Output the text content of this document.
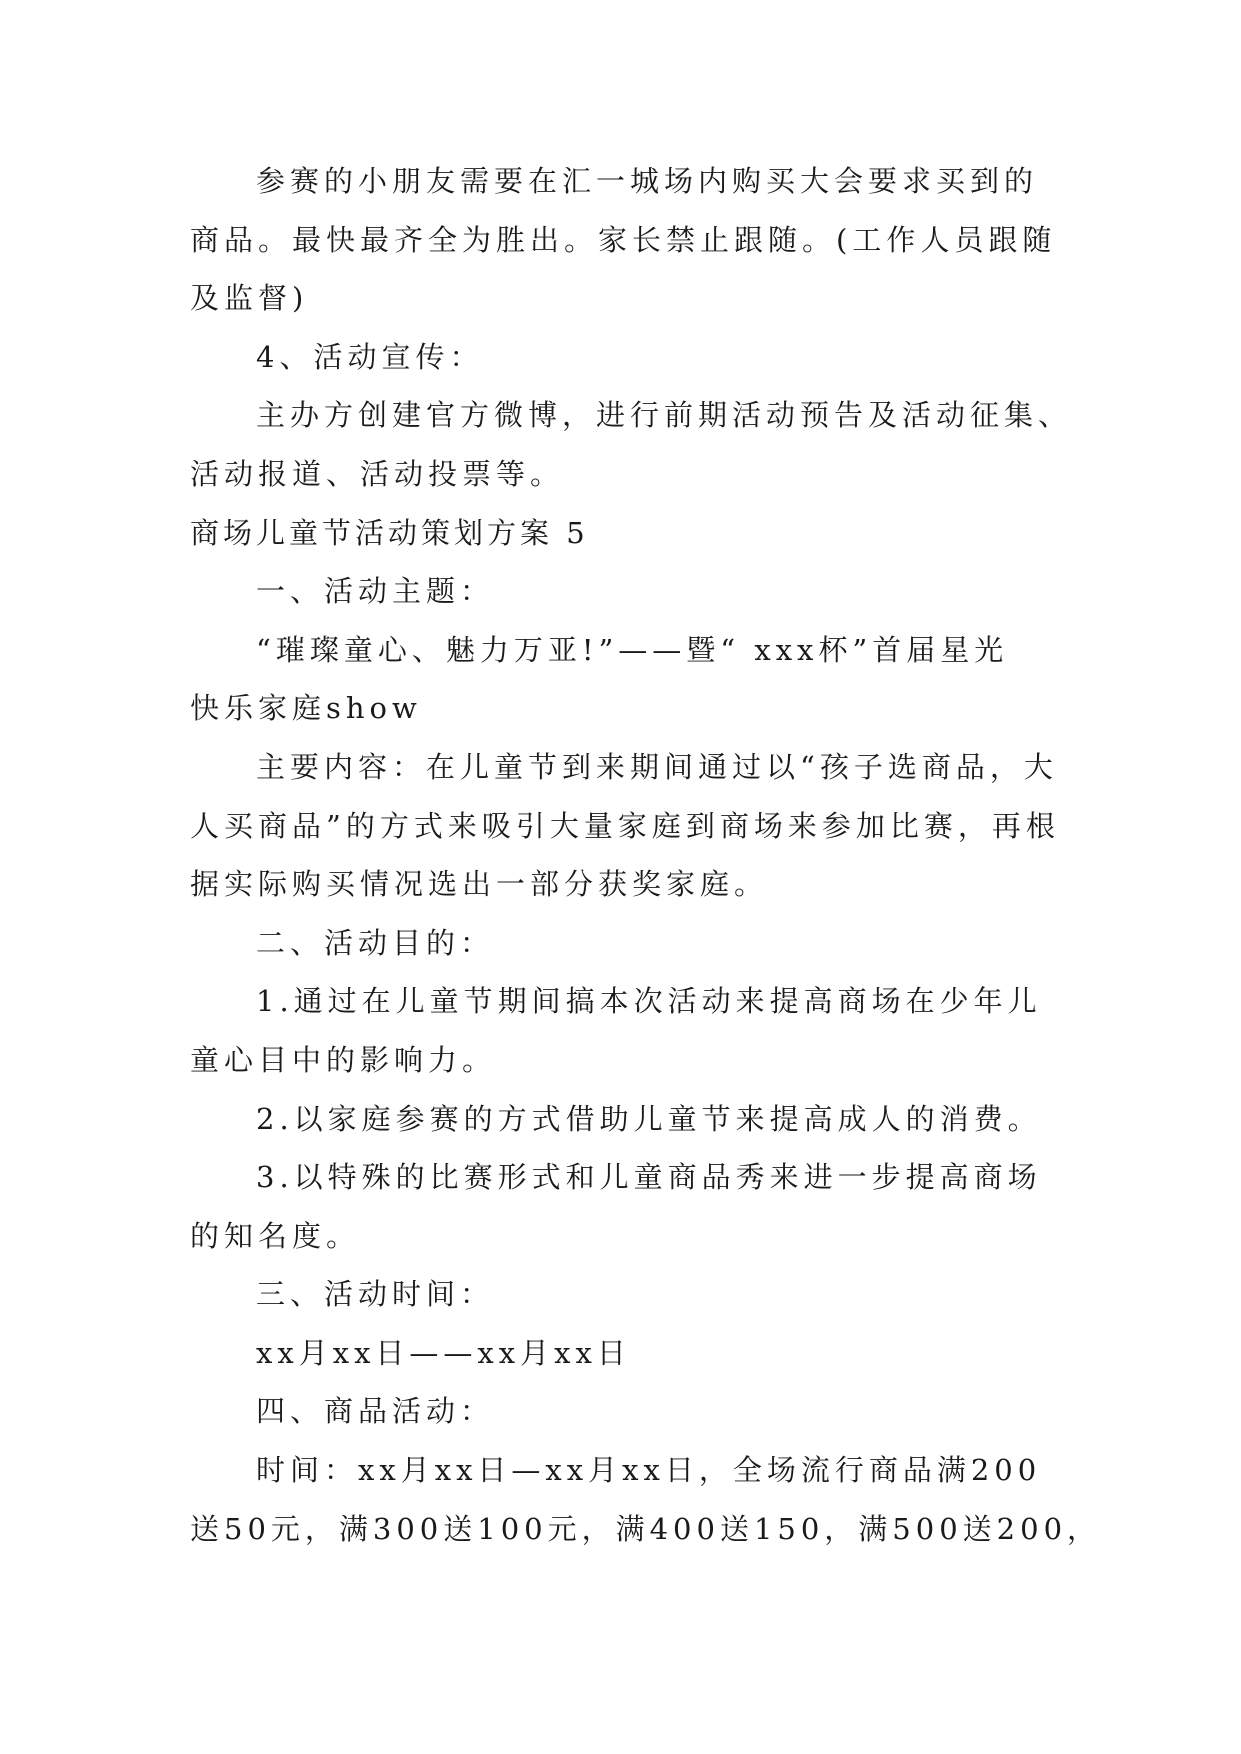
参赛的小朋友需要在汇一城场内购买大会要求买到的
商品。最快最齐全为胜出。家长禁止跟随。(工作人员跟随
及监督)
4、活动宣传：
主办方创建官方微博，进行前期活动预告及活动征集、
活动报道、活动投票等。
商场儿童节活动策划方案 5
一、活动主题：
“璀璨童心、魅力万亚!”——暨“ xxx杯”首届星光
快乐家庭show
主要内容：在儿童节到来期间通过以“孩子选商品，大
人买商品”的方式来吸引大量家庭到商场来参加比赛，再根
据实际购买情况选出一部分获奖家庭。
二、活动目的：
1.通过在儿童节期间搞本次活动来提高商场在少年儿
童心目中的影响力。
2.以家庭参赛的方式借助儿童节来提高成人的消费。
3.以特殊的比赛形式和儿童商品秀来进一步提高商场
的知名度。
三、活动时间：
xx月xx日——xx月xx日
四、商品活动：
时间：xx月xx日—xx月xx日，全场流行商品满200
送50元，满300送100元，满400送150，满500送200，
